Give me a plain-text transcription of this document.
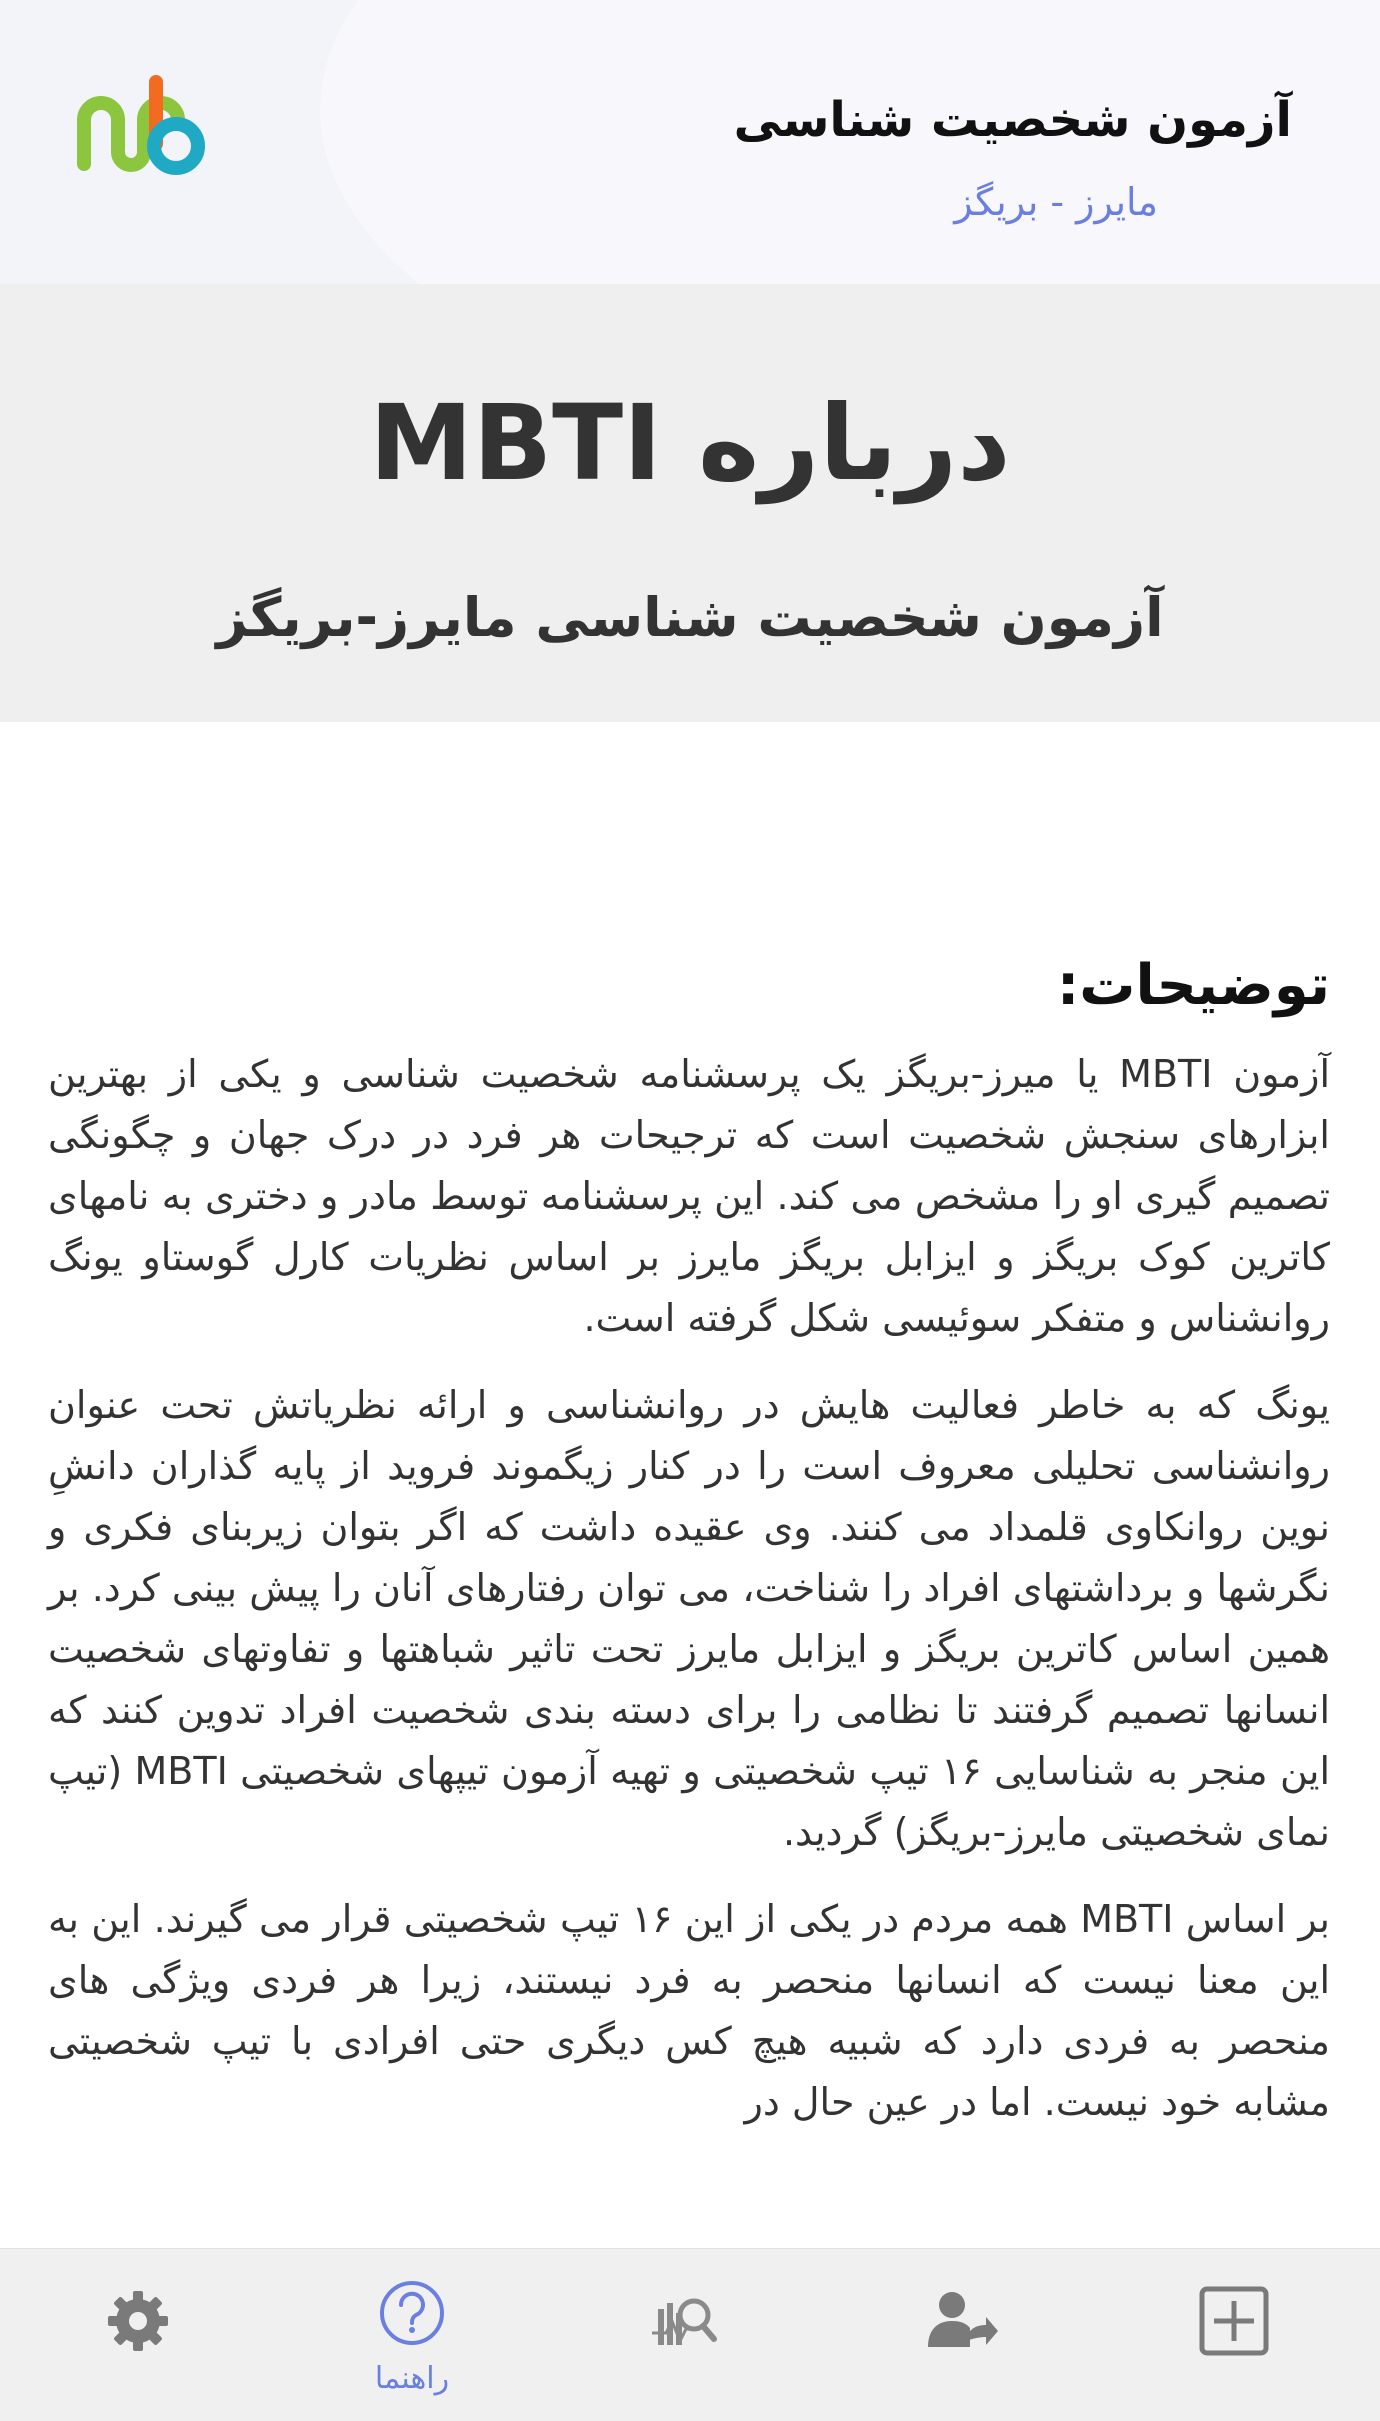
آزمون شخصیت شناسی
مایرز - بریگز
درباره MBTI
آزمون شخصیت شناسی مایرز-بریگز
توضیحات:

آزمون MBTI یا میرز-بریگز یک پرسشنامه شخصیت شناسی و یکی از بهترین ابزارهای سنجش شخصیت است که ترجیحات هر فرد در درک جهان و چگونگی تصمیم گیری او را مشخص می کند. این پرسشنامه توسط مادر و دختری به نامهای کاترین کوک بریگز و ایزابل بریگز مایرز بر اساس نظریات کارل گوستاو یونگ روانشناس و متفکر سوئیسی شکل گرفته است.

یونگ که به خاطر فعالیت هایش در روانشناسی و ارائه نظریاتش تحت عنوان روانشناسی تحلیلی معروف است را در کنار زیگموند فروید از پایه گذاران دانشِ نوین روانکاوی قلمداد می کنند. وی عقیده داشت که اگر بتوان زیربنای فکری و نگرشها و برداشتهای افراد را شناخت، می توان رفتارهای آنان را پیش بینی کرد. بر همین اساس کاترین بریگز و ایزابل مایرز تحت تاثیر شباهتها و تفاوتهای شخصیت انسانها تصمیم گرفتند تا نظامی را برای دسته بندی شخصیت افراد تدوین کنند که این منجر به شناسایی ۱۶ تیپ شخصیتی و تهیه آزمون تیپهای شخصیتی MBTI (تیپ نمای شخصیتی مایرز-بریگز) گردید.

بر اساس MBTI همه مردم در یکی از این ۱۶ تیپ شخصیتی قرار می گیرند. این به این معنا نیست که انسانها منحصر به فرد نیستند، زیرا هر فردی ویژگی های منحصر به فردی دارد که شبیه هیچ کس دیگری حتی افرادی با تیپ شخصیتی مشابه خود نیست. اما در عین حال در

راهنما
